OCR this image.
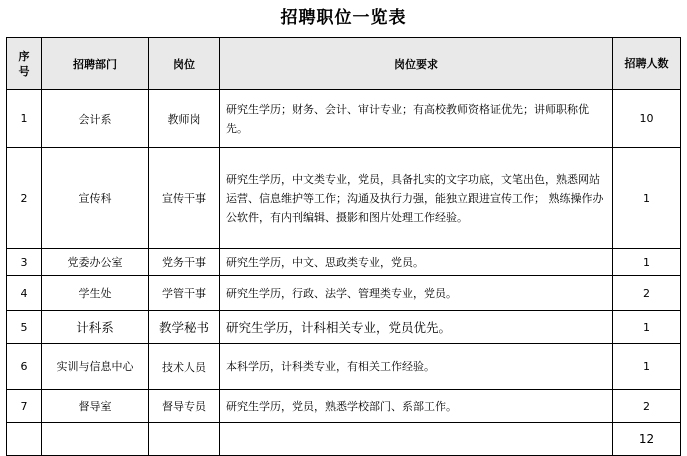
招聘职位一览表
序号	招聘部门	岗位	岗位要求	招聘人数
1	会计系	教师岗	研究生学历；财务、会计、审计专业；有高校教师资格证优先；讲师职称优先。	10
2	宣传科	宣传干事	研究生学历，中文类专业，党员，具备扎实的文字功底，文笔出色，熟悉网站运营、信息维护等工作；沟通及执行力强，能独立跟进宣传工作； 熟练操作办公软件，有内刊编辑、摄影和图片处理工作经验。	1
3	党委办公室	党务干事	研究生学历，中文、思政类专业，党员。	1
4	学生处	学管干事	研究生学历，行政、法学、管理类专业，党员。	2
5	计科系	教学秘书	研究生学历，计科相关专业，党员优先。	1
6	实训与信息中心	技术人员	本科学历，计科类专业，有相关工作经验。	1
7	督导室	督导专员	研究生学历，党员，熟悉学校部门、系部工作。	2
				12
